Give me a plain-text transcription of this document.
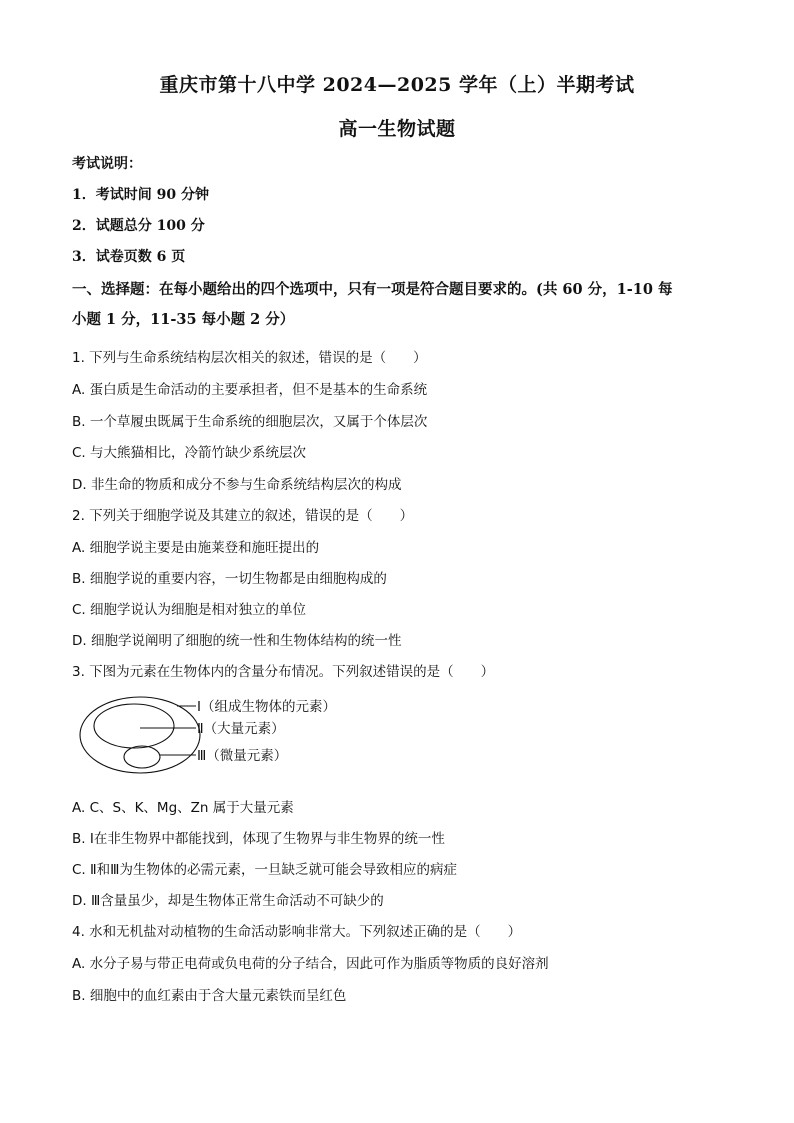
重庆市第十八中学 2024—2025 学年（上）半期考试
高一生物试题
考试说明：
1．考试时间 90 分钟
2．试题总分 100 分
3．试卷页数 6 页
一、选择题：在每小题给出的四个选项中，只有一项是符合题目要求的。(共 60 分，1-10 每
小题 1 分，11-35 每小题 2 分）
1. 下列与生命系统结构层次相关的叙述，错误的是（　　）
A. 蛋白质是生命活动的主要承担者，但不是基本的生命系统
B. 一个草履虫既属于生命系统的细胞层次，又属于个体层次
C. 与大熊猫相比，冷箭竹缺少系统层次
D. 非生命的物质和成分不参与生命系统结构层次的构成
2. 下列关于细胞学说及其建立的叙述，错误的是（　　）
A. 细胞学说主要是由施莱登和施旺提出的
B. 细胞学说的重要内容，一切生物都是由细胞构成的
C. 细胞学说认为细胞是相对独立的单位
D. 细胞学说阐明了细胞的统一性和生物体结构的统一性
3. 下图为元素在生物体内的含量分布情况。下列叙述错误的是（　　）
Ⅰ（组成生物体的元素）
Ⅱ（大量元素）
Ⅲ（微量元素）
A. C、S、K、Mg、Zn 属于大量元素
B. Ⅰ在非生物界中都能找到，体现了生物界与非生物界的统一性
C. Ⅱ和Ⅲ为生物体的必需元素，一旦缺乏就可能会导致相应的病症
D. Ⅲ含量虽少，却是生物体正常生命活动不可缺少的
4. 水和无机盐对动植物的生命活动影响非常大。下列叙述正确的是（　　）
A. 水分子易与带正电荷或负电荷的分子结合，因此可作为脂质等物质的良好溶剂
B. 细胞中的血红素由于含大量元素铁而呈红色
